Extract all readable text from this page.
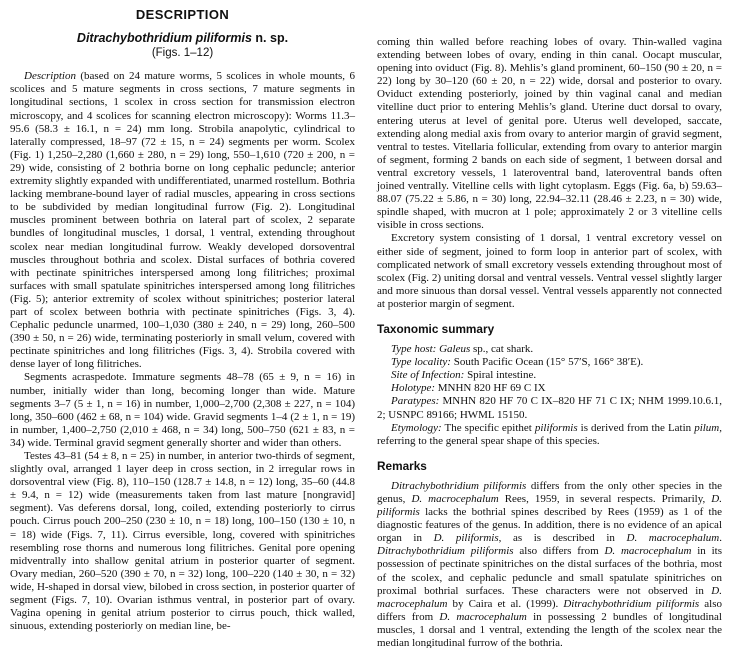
DESCRIPTION
Ditrachybothridium piliformis n. sp.
(Figs. 1–12)

Description (based on 24 mature worms, 5 scolices in whole mounts, 6 scolices and 5 mature segments in cross sections, 7 mature segments in longitudinal sections, 1 scolex in cross section for transmission electron microscopy, and 4 scolices for scanning electron microscopy): Worms 11.3–95.6 (58.3 ± 16.1, n = 24) mm long. Strobila anapolytic, cylindrical to laterally compressed, 18–97 (72 ± 15, n = 24) segments per worm. Scolex (Fig. 1) 1,250–2,280 (1,660 ± 280, n = 29) long, 550–1,610 (720 ± 200, n = 29) wide, consisting of 2 bothria borne on long cephalic peduncle; anterior extremity slightly expanded with undifferentiated, unarmed rostellum. Bothria lacking membrane-bound layer of radial muscles, appearing in cross sections to be subdivided by median longitudinal furrow (Fig. 2). Longitudinal muscles prominent between bothria on lateral part of scolex, 2 separate bundles of longitudinal muscles, 1 dorsal, 1 ventral, extending throughout scolex near median longitudinal furrow. Weakly developed dorsoventral muscles throughout bothria and scolex. Distal surfaces of bothria covered with pectinate spinitriches interspersed among long filitriches; proximal surfaces with small spatulate spinitriches interspersed among long filitriches (Fig. 5); anterior extremity of scolex without spinitriches; posterior lateral part of scolex between bothria with pectinate spinitriches (Figs. 3, 4). Cephalic peduncle unarmed, 100–1,030 (380 ± 240, n = 29) long, 260–500 (390 ± 50, n = 26) wide, terminating posteriorly in small velum, covered with pectinate spinitriches and long filitriches (Figs. 3, 4). Strobila covered with dense layer of long filitriches.

Segments acraspedote. Immature segments 48–78 (65 ± 9, n = 16) in number, initially wider than long, becoming longer than wide. Mature segments 3–7 (5 ± 1, n = 16) in number, 1,000–2,700 (2,308 ± 227, n = 104) long, 350–600 (462 ± 68, n = 104) wide. Gravid segments 1–4 (2 ± 1, n = 19) in number, 1,400–2,750 (2,010 ± 468, n = 34) long, 500–750 (621 ± 83, n = 34) wide. Terminal gravid segment generally shorter and wider than others.

Testes 43–81 (54 ± 8, n = 25) in number, in anterior two-thirds of segment, slightly oval, arranged 1 layer deep in cross section, in 2 irregular rows in dorsoventral view (Fig. 8), 110–150 (128.7 ± 14.8, n = 12) long, 35–60 (44.8 ± 9.4, n = 12) wide (measurements taken from last mature [nongravid] segment). Vas deferens dorsal, long, coiled, extending posteriorly to cirrus pouch. Cirrus pouch 200–250 (230 ± 10, n = 18) long, 100–150 (130 ± 10, n = 18) wide (Figs. 7, 11). Cirrus eversible, long, covered with spinitriches resembling rose thorns and numerous long filitriches. Genital pore opening midventrally into shallow genital atrium in posterior quarter of segment. Ovary median, 260–520 (390 ± 70, n = 32) long, 100–220 (140 ± 30, n = 32) wide, H-shaped in dorsal view, bilobed in cross section, in posterior quarter of segment (Figs. 7, 10). Ovarian isthmus ventral, in posterior part of ovary. Vagina opening in genital atrium posterior to cirrus pouch, thick walled, sinuous, extending posteriorly on median line, be-

coming thin walled before reaching lobes of ovary. Thin-walled vagina extending between lobes of ovary, ending in thin canal. Oocapt muscular, opening into oviduct (Fig. 8). Mehlis’s gland prominent, 60–150 (90 ± 20, n = 22) long by 30–120 (60 ± 20, n = 22) wide, dorsal and posterior to ovary. Oviduct extending posteriorly, joined by thin vaginal canal and median vitelline duct prior to entering Mehlis’s gland. Uterine duct dorsal to ovary, entering uterus at level of genital pore. Uterus well developed, saccate, extending along medial axis from ovary to anterior margin of gravid segment, ventral to testes. Vitellaria follicular, extending from ovary to anterior margin of segment, forming 2 bands on each side of segment, 1 between dorsal and ventral excretory vessels, 1 lateroventral band, lateroventral bands often joined ventrally. Vitelline cells with light cytoplasm. Eggs (Fig. 6a, b) 59.63–88.07 (75.22 ± 5.86, n = 30) long, 22.94–32.11 (28.46 ± 2.23, n = 30) wide, spindle shaped, with mucron at 1 pole; approximately 2 or 3 vitelline cells visible in cross sections.

Excretory system consisting of 1 dorsal, 1 ventral excretory vessel on either side of segment, joined to form loop in anterior part of scolex, with complicated network of small excretory vessels extending throughout most of scolex (Fig. 2) uniting dorsal and ventral vessels. Ventral vessel slightly larger and more sinuous than dorsal vessel. Ventral vessels apparently not connected at posterior margin of segment.

Taxonomic summary

Type host: Galeus sp., cat shark.

Type locality: South Pacific Ocean (15° 57′S, 166° 38′E).

Site of Infection: Spiral intestine.

Holotype: MNHN 820 HF 69 C IX

Paratypes: MNHN 820 HF 70 C IX–820 HF 71 C IX; NHM 1999.10.6.1, 2; USNPC 89166; HWML 15150.

Etymology: The specific epithet piliformis is derived from the Latin pilum, referring to the general spear shape of this species.

Remarks

Ditrachybothridium piliformis differs from the only other species in the genus, D. macrocephalum Rees, 1959, in several respects. Primarily, D. piliformis lacks the bothrial spines described by Rees (1959) as 1 of the diagnostic features of the genus. In addition, there is no evidence of an apical organ in D. piliformis, as is described in D. macrocephalum. Ditrachybothridium piliformis also differs from D. macrocephalum in its possession of pectinate spinitriches on the distal surfaces of the bothria, most of the scolex, and cephalic peduncle and small spatulate spinitriches on proximal bothrial surfaces. These characters were not observed in D. macrocephalum by Caira et al. (1999). Ditrachybothridium piliformis also differs from D. macrocephalum in possessing 2 bundles of longitudinal muscles, 1 dorsal and 1 ventral, extending the length of the scolex near the median longitudinal furrow of the bothria.
